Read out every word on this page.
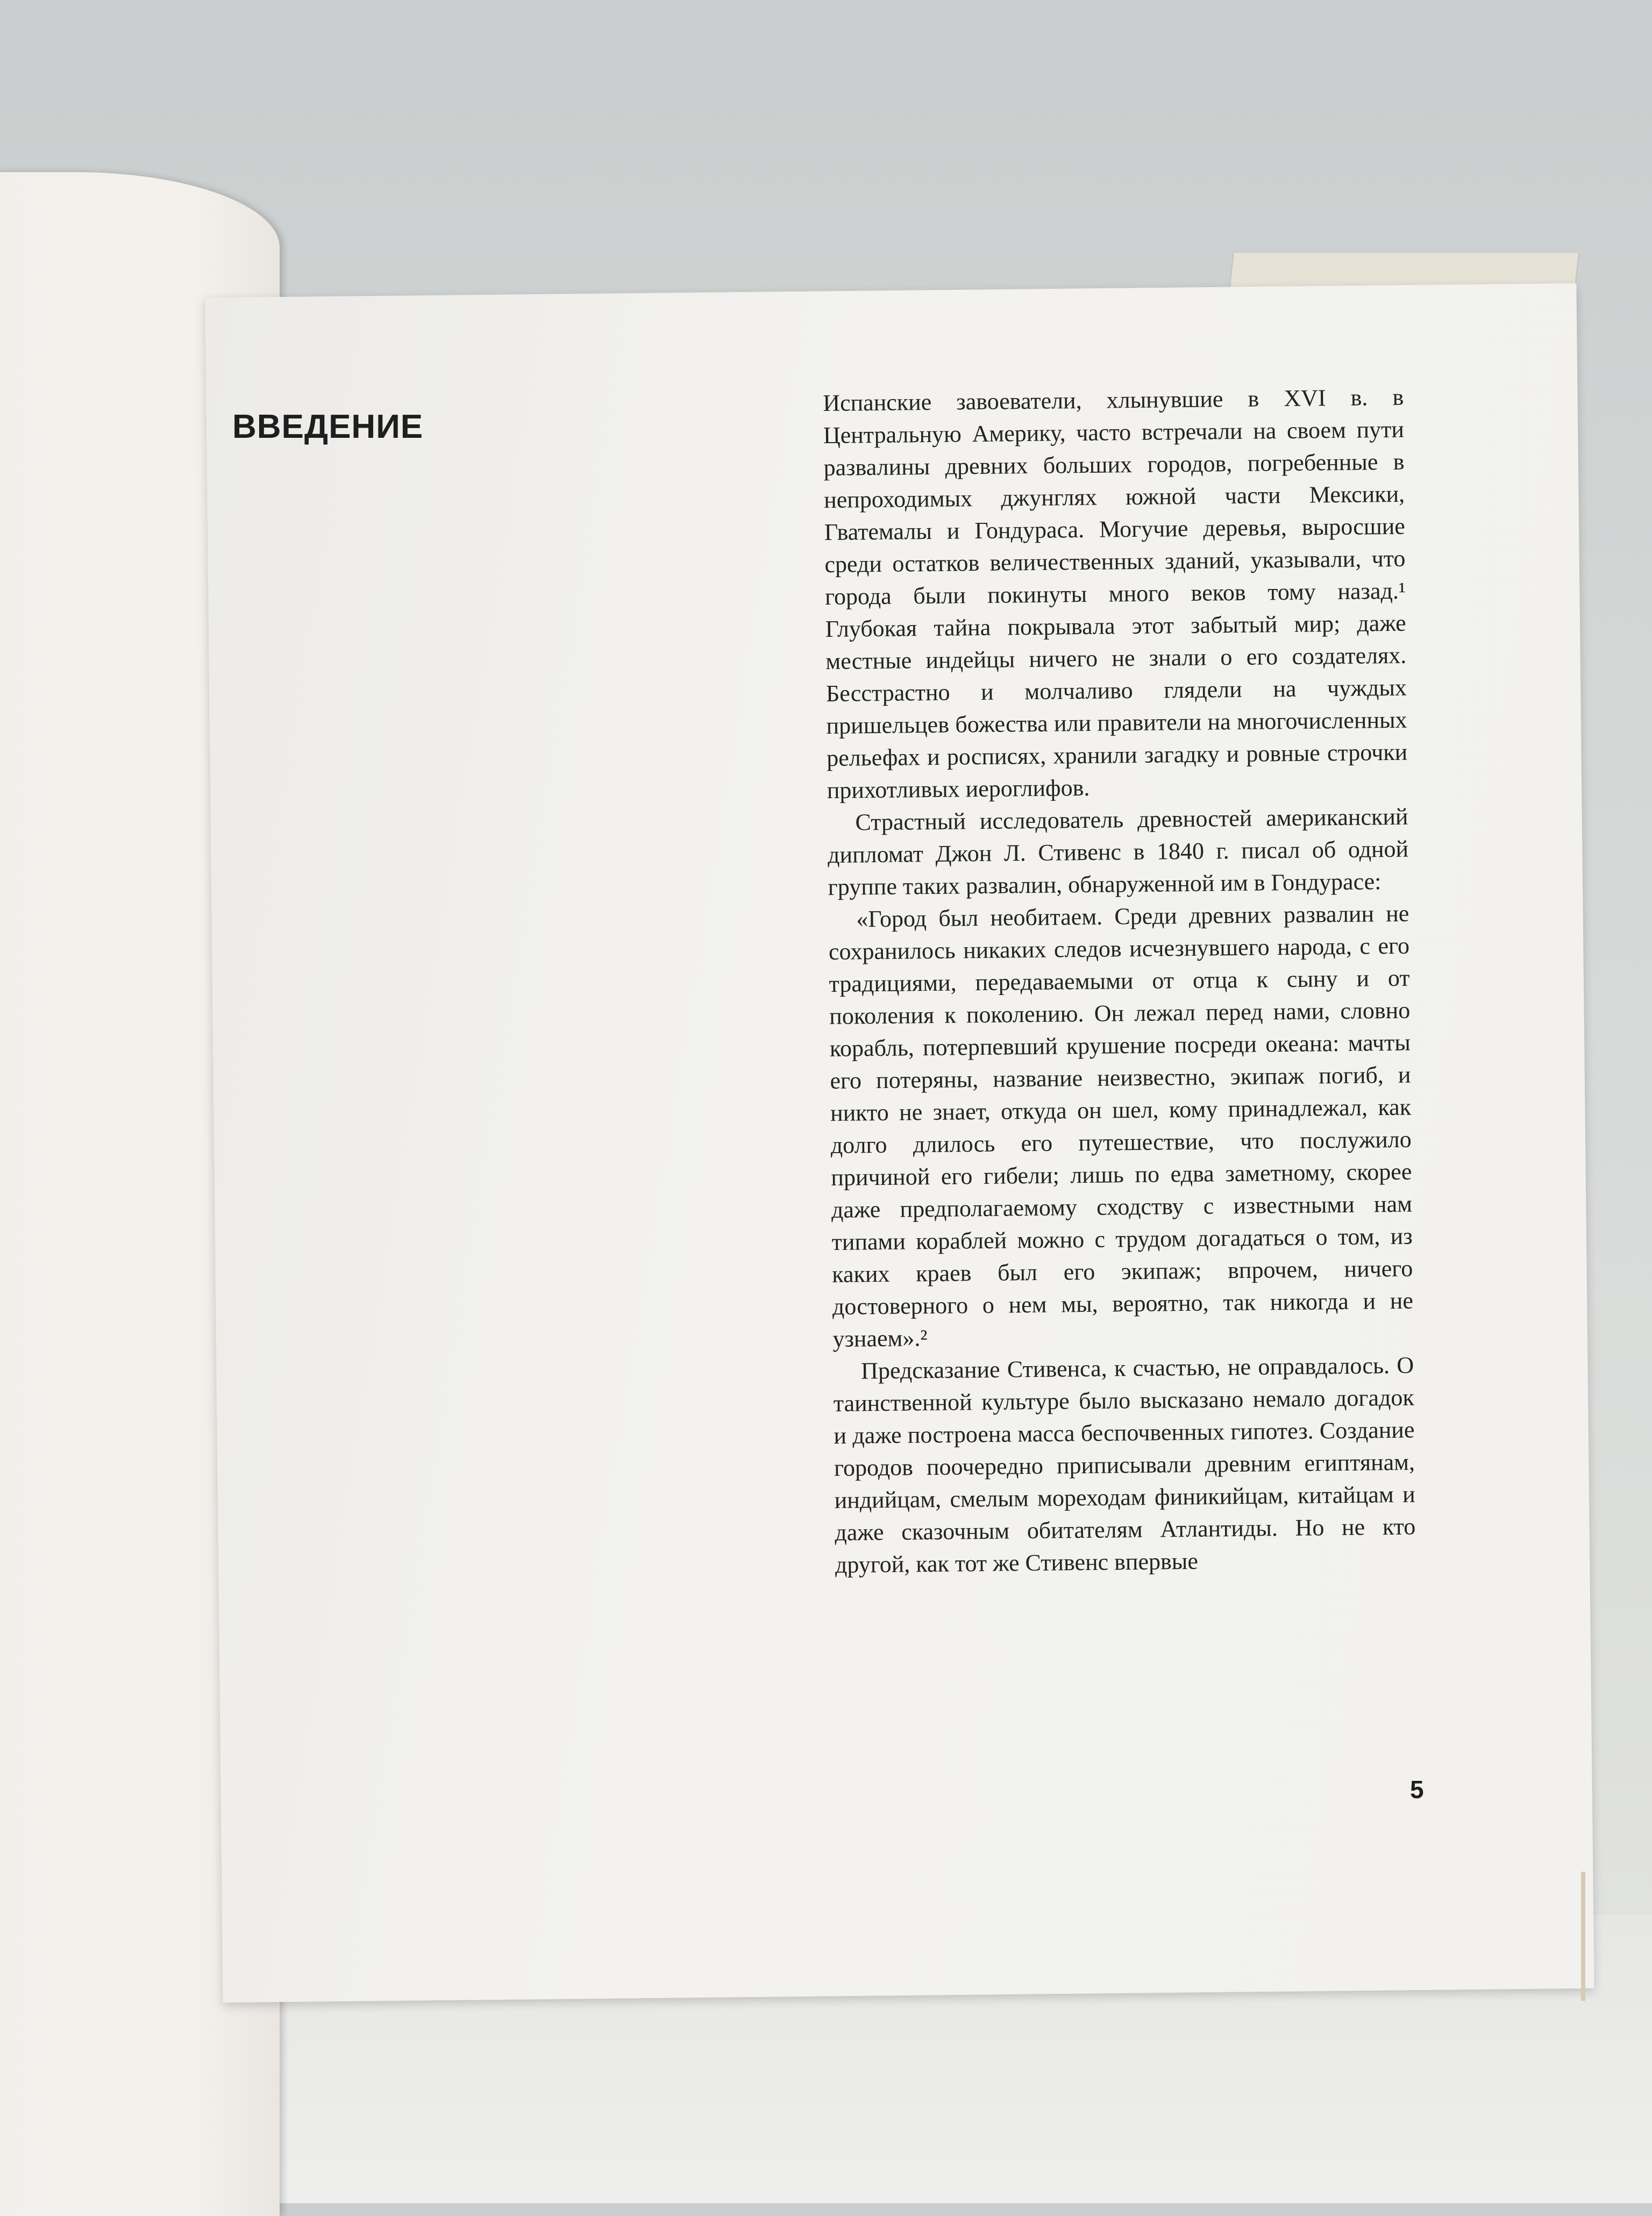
ВВЕДЕНИЕ

Испанские завоеватели, хлынувшие в XVI в. в Центральную Америку, часто встречали на своем пути развалины древних больших городов, погребенные в непроходимых джунглях южной части Мексики, Гватемалы и Гондураса. Могучие деревья, выросшие среди остатков величественных зданий, указывали, что города были покинуты много веков тому назад.¹ Глубокая тайна покрывала этот забытый мир; даже местные индейцы ничего не знали о его создателях. Бесстрастно и молчаливо глядели на чуждых пришельцев божества или правители на многочисленных рельефах и росписях, хранили загадку и ровные строчки прихотливых иероглифов.

Страстный исследователь древностей американский дипломат Джон Л. Стивенс в 1840 г. писал об одной группе таких развалин, обнаруженной им в Гондурасе:

«Город был необитаем. Среди древних развалин не сохранилось никаких следов исчезнувшего народа, с его традициями, передаваемыми от отца к сыну и от поколения к поколению. Он лежал перед нами, словно корабль, потерпевший крушение посреди океана: мачты его потеряны, название неизвестно, экипаж погиб, и никто не знает, откуда он шел, кому принадлежал, как долго длилось его путешествие, что послужило причиной его гибели; лишь по едва заметному, скорее даже предполагаемому сходству с известными нам типами кораблей можно с трудом догадаться о том, из каких краев был его экипаж; впрочем, ничего достоверного о нем мы, вероятно, так никогда и не узнаем».²

Предсказание Стивенса, к счастью, не оправдалось. О таинственной культуре было высказано немало догадок и даже построена масса беспочвенных гипотез. Создание городов поочередно приписывали древним египтянам, индийцам, смелым мореходам финикийцам, китайцам и даже сказочным обитателям Атлантиды. Но не кто другой, как тот же Стивенс впервые

5
